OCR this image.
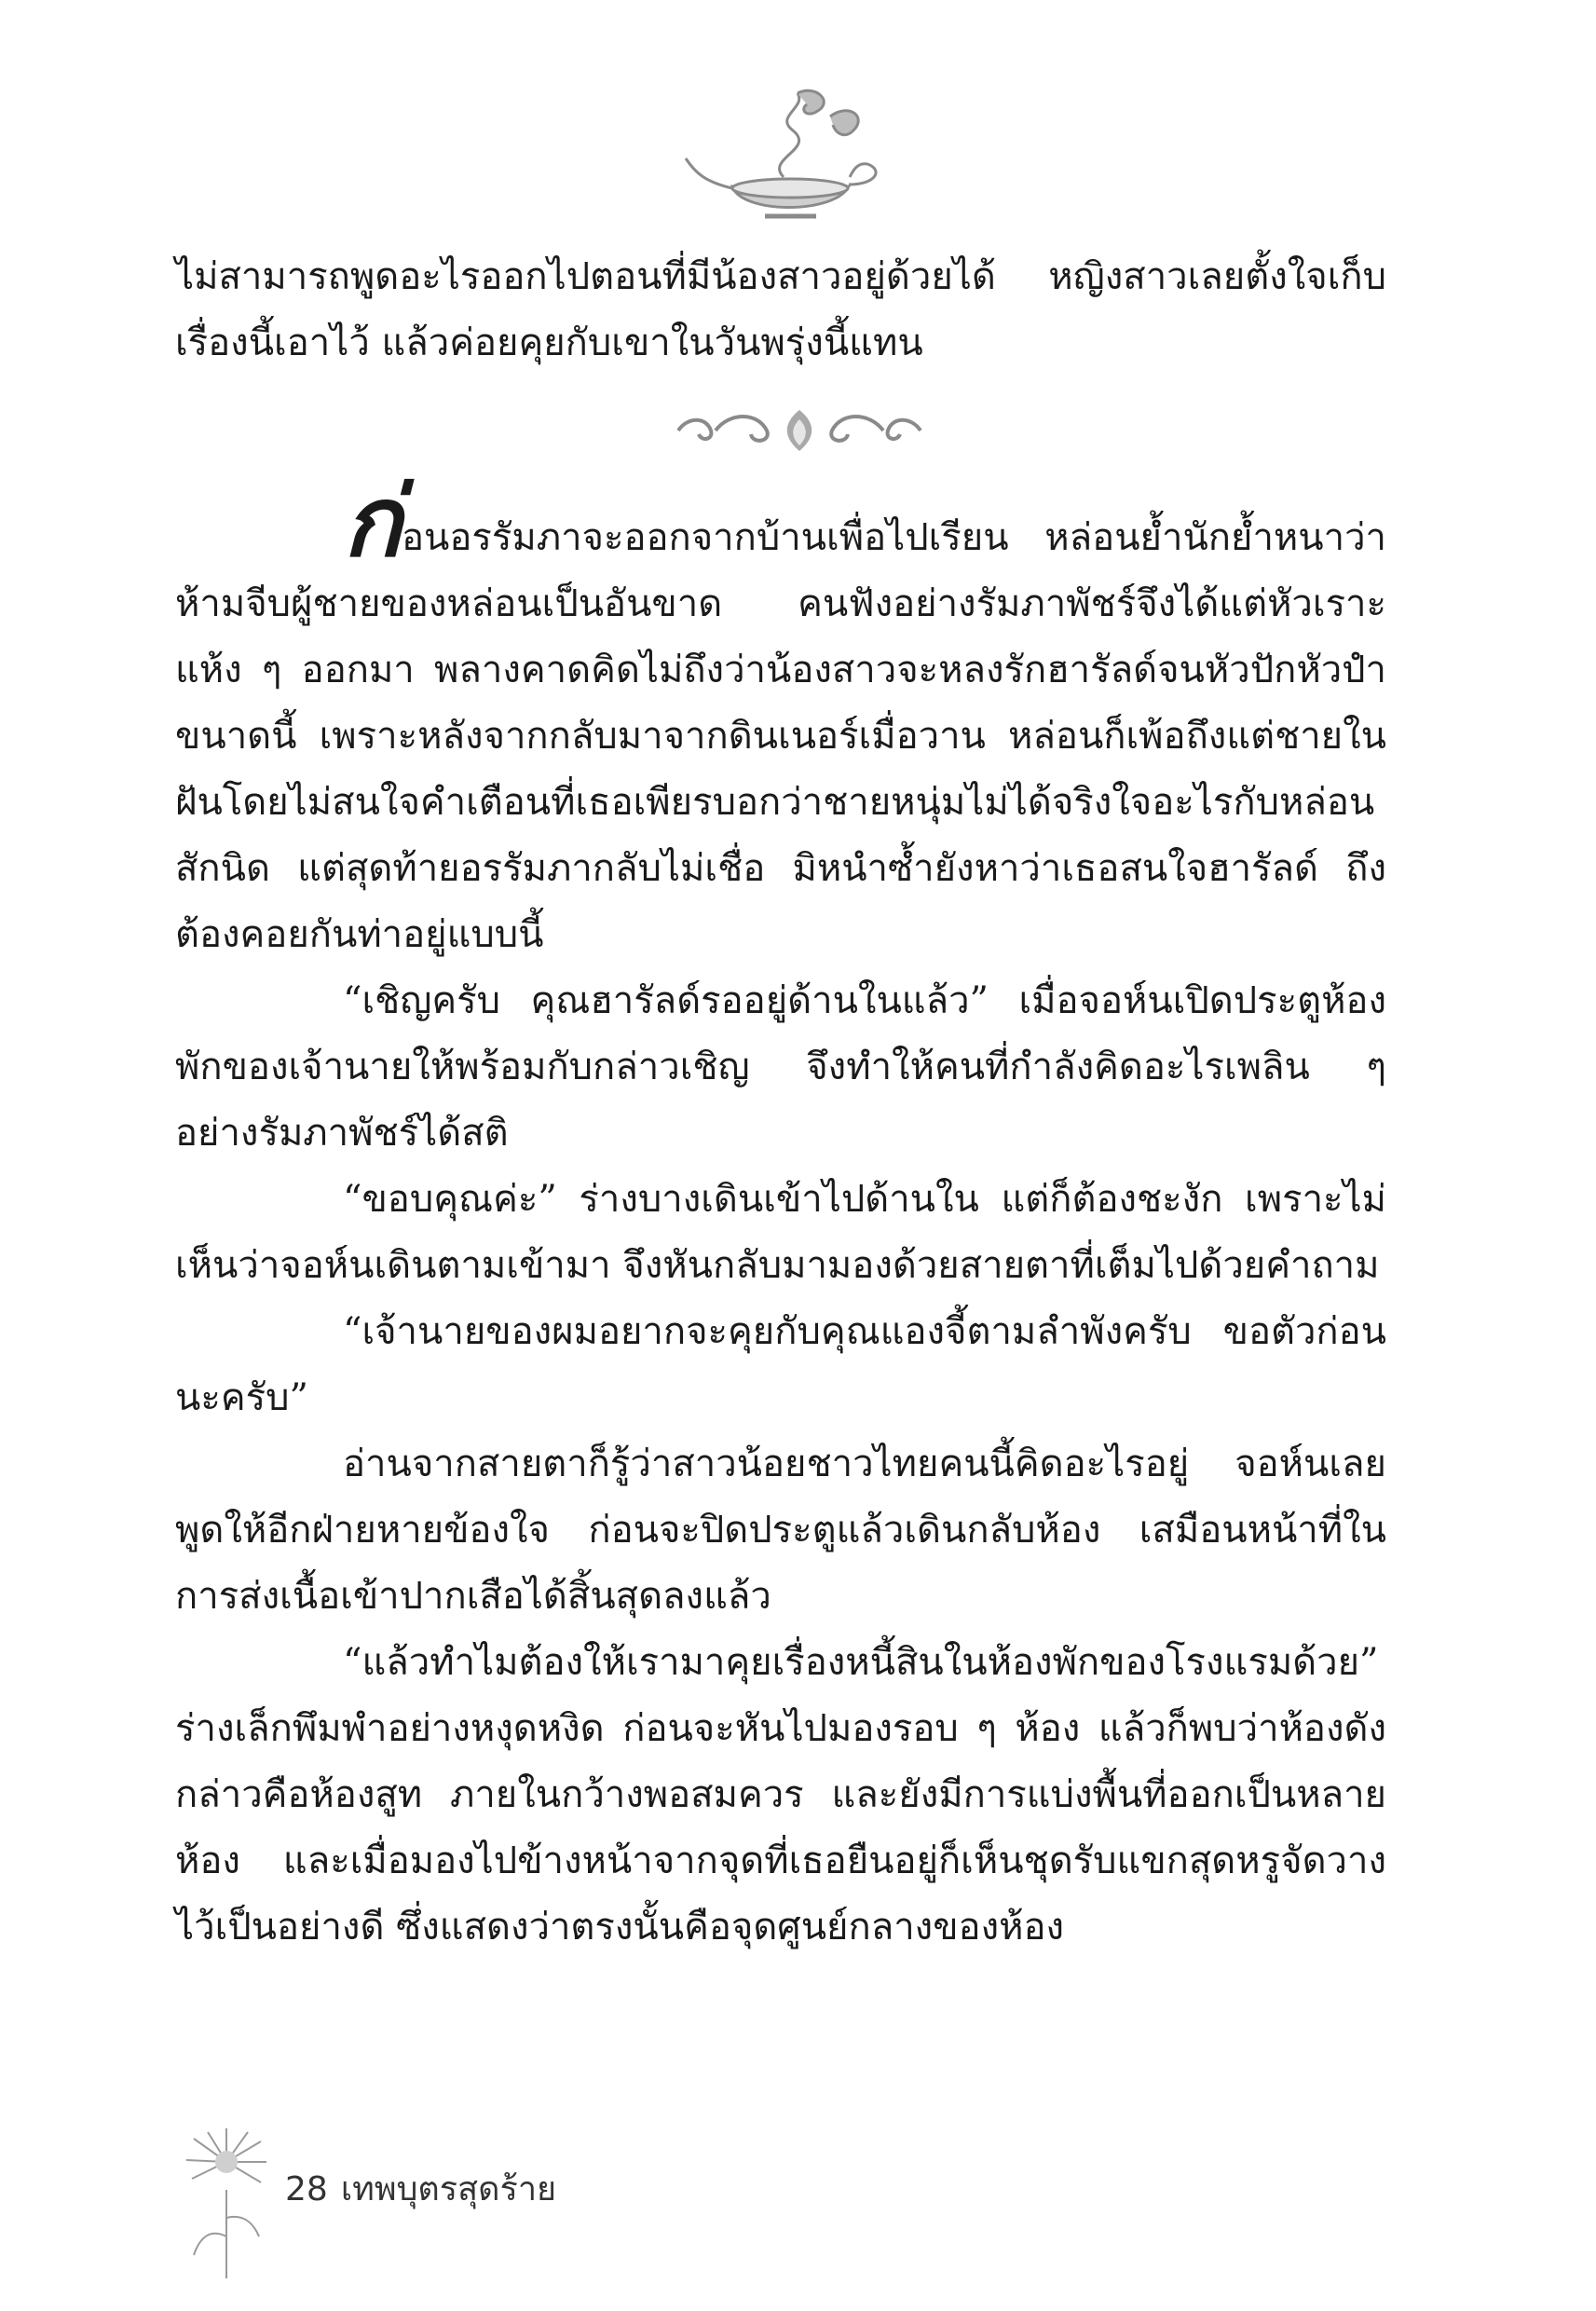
ไม่สามารถพูดอะไรออกไปตอนที่มีน้องสาวอยู่ด้วยได้ หญิงสาวเลยตั้งใจเก็บเรื่องนี้เอาไว้ แล้วค่อยคุยกับเขาในวันพรุ่งนี้แทน

ก่อนอรรัมภาจะออกจากบ้านเพื่อไปเรียน หล่อนย้ำนักย้ำหนาว่าห้ามจีบผู้ชายของหล่อนเป็นอันขาด คนฟังอย่างรัมภาพัชร์จึงได้แต่หัวเราะแห้ง ๆ ออกมา พลางคาดคิดไม่ถึงว่าน้องสาวจะหลงรักฮารัลด์จนหัวปักหัวปำขนาดนี้ เพราะหลังจากกลับมาจากดินเนอร์เมื่อวาน หล่อนก็เพ้อถึงแต่ชายในฝันโดยไม่สนใจคำเตือนที่เธอเพียรบอกว่าชายหนุ่มไม่ได้จริงใจอะไรกับหล่อนสักนิด แต่สุดท้ายอรรัมภากลับไม่เชื่อ มิหนำซ้ำยังหาว่าเธอสนใจฮารัลด์ ถึงต้องคอยกันท่าอยู่แบบนี้

“เชิญครับ คุณฮารัลด์รออยู่ด้านในแล้ว” เมื่อจอห์นเปิดประตูห้องพักของเจ้านายให้พร้อมกับกล่าวเชิญ จึงทำให้คนที่กำลังคิดอะไรเพลิน ๆ อย่างรัมภาพัชร์ได้สติ

“ขอบคุณค่ะ” ร่างบางเดินเข้าไปด้านใน แต่ก็ต้องชะงัก เพราะไม่เห็นว่าจอห์นเดินตามเข้ามา จึงหันกลับมามองด้วยสายตาที่เต็มไปด้วยคำถาม

“เจ้านายของผมอยากจะคุยกับคุณแองจี้ตามลำพังครับ ขอตัวก่อนนะครับ”

อ่านจากสายตาก็รู้ว่าสาวน้อยชาวไทยคนนี้คิดอะไรอยู่ จอห์นเลยพูดให้อีกฝ่ายหายข้องใจ ก่อนจะปิดประตูแล้วเดินกลับห้อง เสมือนหน้าที่ในการส่งเนื้อเข้าปากเสือได้สิ้นสุดลงแล้ว

“แล้วทำไมต้องให้เรามาคุยเรื่องหนี้สินในห้องพักของโรงแรมด้วย” ร่างเล็กพึมพำอย่างหงุดหงิด ก่อนจะหันไปมองรอบ ๆ ห้อง แล้วก็พบว่าห้องดังกล่าวคือห้องสูท ภายในกว้างพอสมควร และยังมีการแบ่งพื้นที่ออกเป็นหลายห้อง และเมื่อมองไปข้างหน้าจากจุดที่เธอยืนอยู่ก็เห็นชุดรับแขกสุดหรูจัดวางไว้เป็นอย่างดี ซึ่งแสดงว่าตรงนั้นคือจุดศูนย์กลางของห้อง

28 เทพบุตรสุดร้าย
